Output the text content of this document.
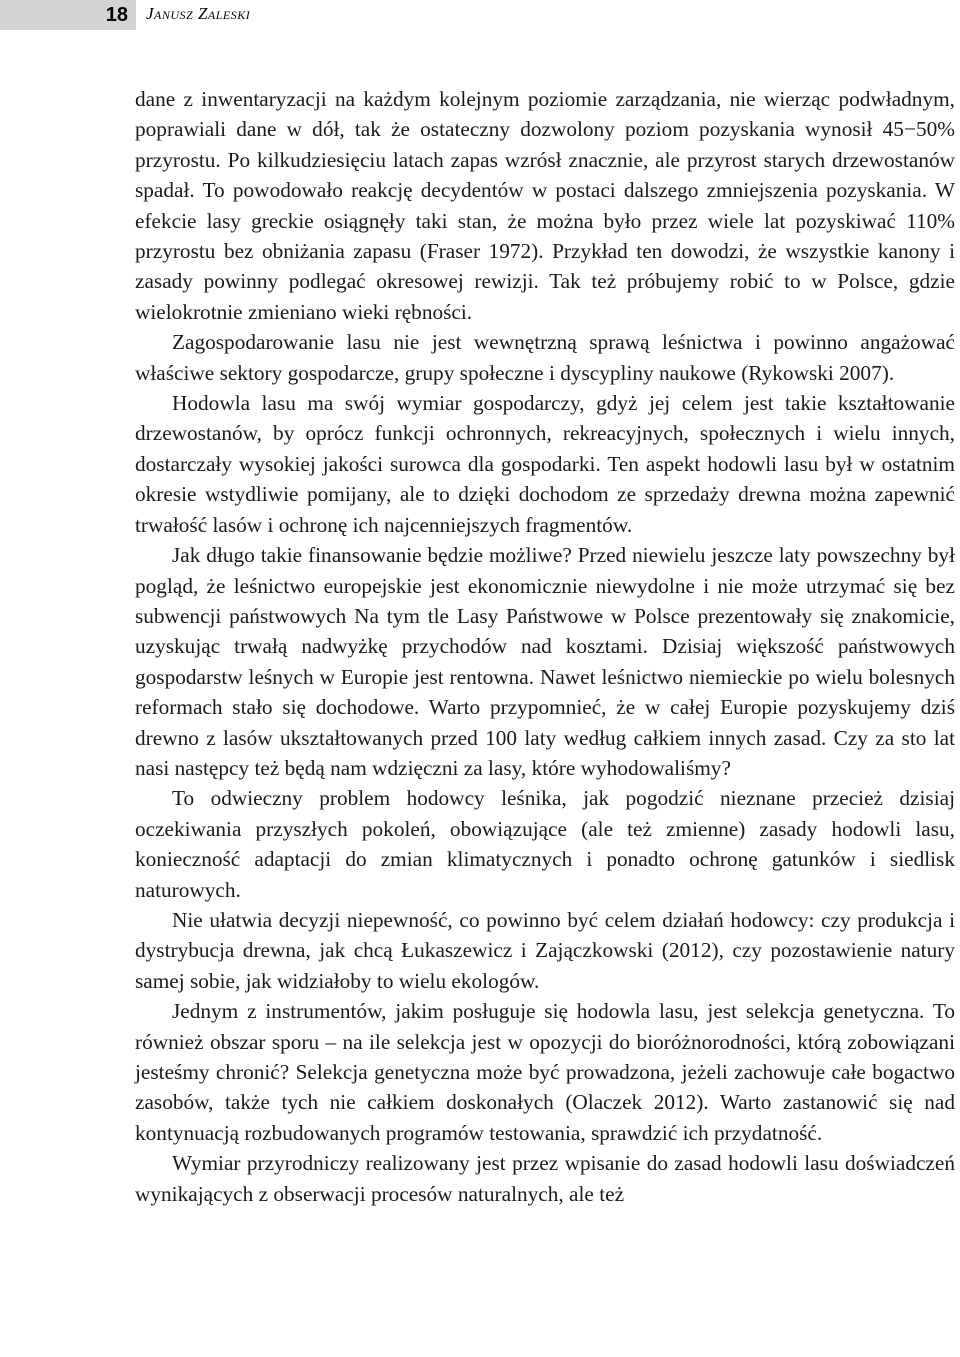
18 Janusz Zaleski

dane z inwentaryzacji na każdym kolejnym poziomie zarządzania, nie wierząc podwładnym, poprawiali dane w dół, tak że ostateczny dozwolony poziom pozyskania wynosił 45−50% przyrostu. Po kilkudziesięciu latach zapas wzrósł znacznie, ale przyrost starych drzewostanów spadał. To powodowało reakcję decydentów w postaci dalszego zmniejszenia pozyskania. W efekcie lasy greckie osiągnęły taki stan, że można było przez wiele lat pozyskiwać 110% przyrostu bez obniżania zapasu (Fraser 1972). Przykład ten dowodzi, że wszystkie kanony i zasady powinny podlegać okresowej rewizji. Tak też próbujemy robić to w Polsce, gdzie wielokrotnie zmieniano wieki rębności.

Zagospodarowanie lasu nie jest wewnętrzną sprawą leśnictwa i powinno angażować właściwe sektory gospodarcze, grupy społeczne i dyscypliny naukowe (Rykowski 2007).

Hodowla lasu ma swój wymiar gospodarczy, gdyż jej celem jest takie kształtowanie drzewostanów, by oprócz funkcji ochronnych, rekreacyjnych, społecznych i wielu innych, dostarczały wysokiej jakości surowca dla gospodarki. Ten aspekt hodowli lasu był w ostatnim okresie wstydliwie pomijany, ale to dzięki dochodom ze sprzedaży drewna można zapewnić trwałość lasów i ochronę ich najcenniejszych fragmentów.

Jak długo takie finansowanie będzie możliwe? Przed niewielu jeszcze laty powszechny był pogląd, że leśnictwo europejskie jest ekonomicznie niewydolne i nie może utrzymać się bez subwencji państwowych Na tym tle Lasy Państwowe w Polsce prezentowały się znakomicie, uzyskując trwałą nadwyżkę przychodów nad kosztami. Dzisiaj większość państwowych gospodarstw leśnych w Europie jest rentowna. Nawet leśnictwo niemieckie po wielu bolesnych reformach stało się dochodowe. Warto przypomnieć, że w całej Europie pozyskujemy dziś drewno z lasów ukształtowanych przed 100 laty według całkiem innych zasad. Czy za sto lat nasi następcy też będą nam wdzięczni za lasy, które wyhodowaliśmy?

To odwieczny problem hodowcy leśnika, jak pogodzić nieznane przecież dzisiaj oczekiwania przyszłych pokoleń, obowiązujące (ale też zmienne) zasady hodowli lasu, konieczność adaptacji do zmian klimatycznych i ponadto ochronę gatunków i siedlisk naturowych.

Nie ułatwia decyzji niepewność, co powinno być celem działań hodowcy: czy produkcja i dystrybucja drewna, jak chcą Łukaszewicz i Zajączkowski (2012), czy pozostawienie natury samej sobie, jak widziałoby to wielu ekologów.

Jednym z instrumentów, jakim posługuje się hodowla lasu, jest selekcja genetyczna. To również obszar sporu – na ile selekcja jest w opozycji do bioróżnorodności, którą zobowiązani jesteśmy chronić? Selekcja genetyczna może być prowadzona, jeżeli zachowuje całe bogactwo zasobów, także tych nie całkiem doskonałych (Olaczek 2012). Warto zastanowić się nad kontynuacją rozbudowanych programów testowania, sprawdzić ich przydatność.

Wymiar przyrodniczy realizowany jest przez wpisanie do zasad hodowli lasu doświadczeń wynikających z obserwacji procesów naturalnych, ale też
